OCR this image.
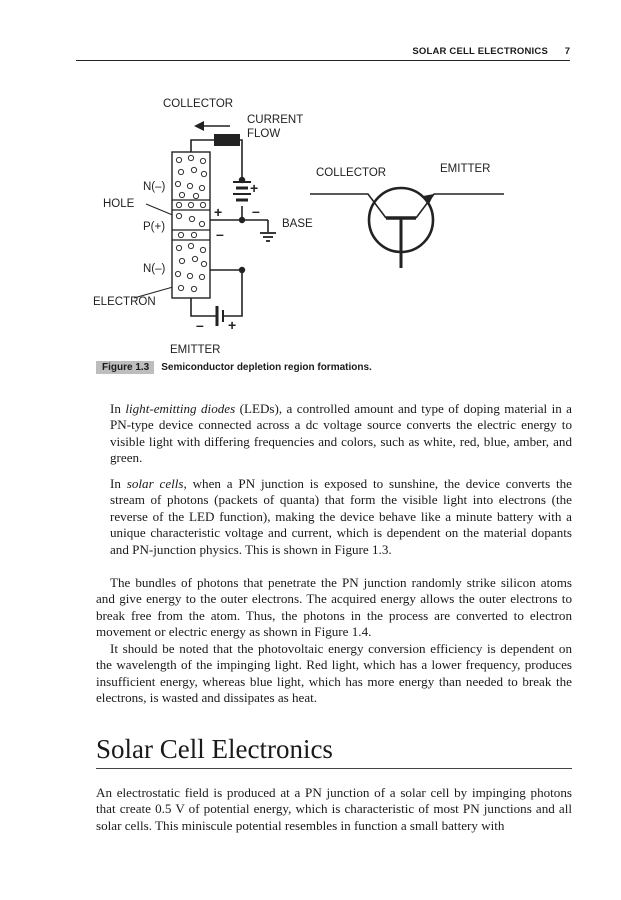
SOLAR CELL ELECTRONICS 7
COLLECTOR
CURRENT
FLOW
N(–)
HOLE
P(+)
N(–)
ELECTRON
EMITTER
BASE
COLLECTOR	EMITTER
+
+ –
–
– +
Figure 1.3 Semiconductor depletion region formations.

In light-emitting diodes (LEDs), a controlled amount and type of doping material in a PN-type device connected across a dc voltage source converts the electric energy to visible light with differing frequencies and colors, such as white, red, blue, amber, and green.

In solar cells, when a PN junction is exposed to sunshine, the device converts the stream of photons (packets of quanta) that form the visible light into electrons (the reverse of the LED function), making the device behave like a minute battery with a unique characteristic voltage and current, which is dependent on the material dopants and PN-junction physics. This is shown in Figure 1.3.

The bundles of photons that penetrate the PN junction randomly strike silicon atoms and give energy to the outer electrons. The acquired energy allows the outer electrons to break free from the atom. Thus, the photons in the process are converted to electron movement or electric energy as shown in Figure 1.4.

It should be noted that the photovoltaic energy conversion efficiency is dependent on the wavelength of the impinging light. Red light, which has a lower frequency, produces insufficient energy, whereas blue light, which has more energy than needed to break the electrons, is wasted and dissipates as heat.

Solar Cell Electronics

An electrostatic field is produced at a PN junction of a solar cell by impinging photons that create 0.5 V of potential energy, which is characteristic of most PN junctions and all solar cells. This miniscule potential resembles in function a small battery with
